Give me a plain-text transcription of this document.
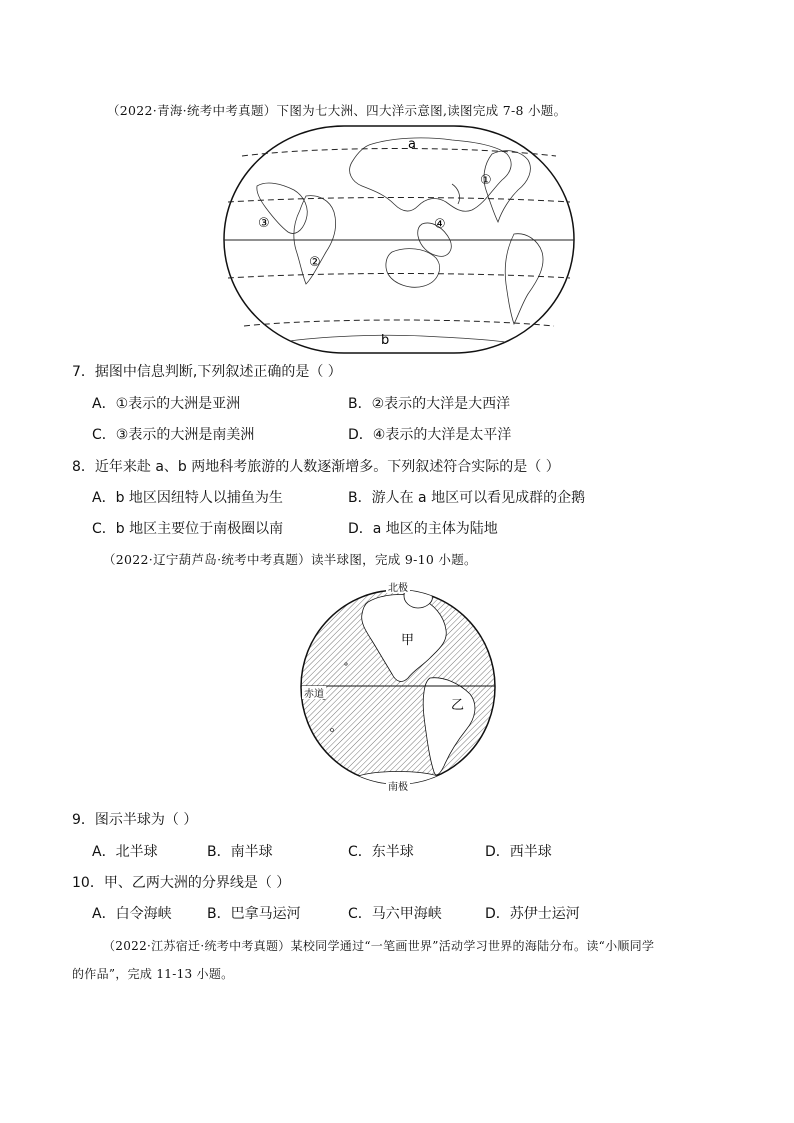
（2022·青海·统考中考真题）下图为七大洲、四大洋示意图,读图完成 7-8 小题。
a
b
①
②
③	④
7．据图中信息判断,下列叙述正确的是（ ）
A．①表示的大洲是亚洲	B．②表示的大洋是大西洋
C．③表示的大洲是南美洲	D．④表示的大洋是太平洋
8．近年来赴 a、b 两地科考旅游的人数逐渐增多。下列叙述符合实际的是（ ）
A．b 地区因纽特人以捕鱼为生	B．游人在 a 地区可以看见成群的企鹅
C．b 地区主要位于南极圈以南	D．a 地区的主体为陆地
（2022·辽宁葫芦岛·统考中考真题）读半球图，完成 9-10 小题。
北极
南极
赤道
甲
乙
9．图示半球为（ ）
A．北半球	B．南半球	C．东半球	D．西半球
10．甲、乙两大洲的分界线是（ ）
A．白令海峡	B．巴拿马运河	C．马六甲海峡	D．苏伊士运河
（2022·江苏宿迁·统考中考真题）某校同学通过“一笔画世界”活动学习世界的海陆分布。读“小顺同学
的作品”，完成 11-13 小题。
